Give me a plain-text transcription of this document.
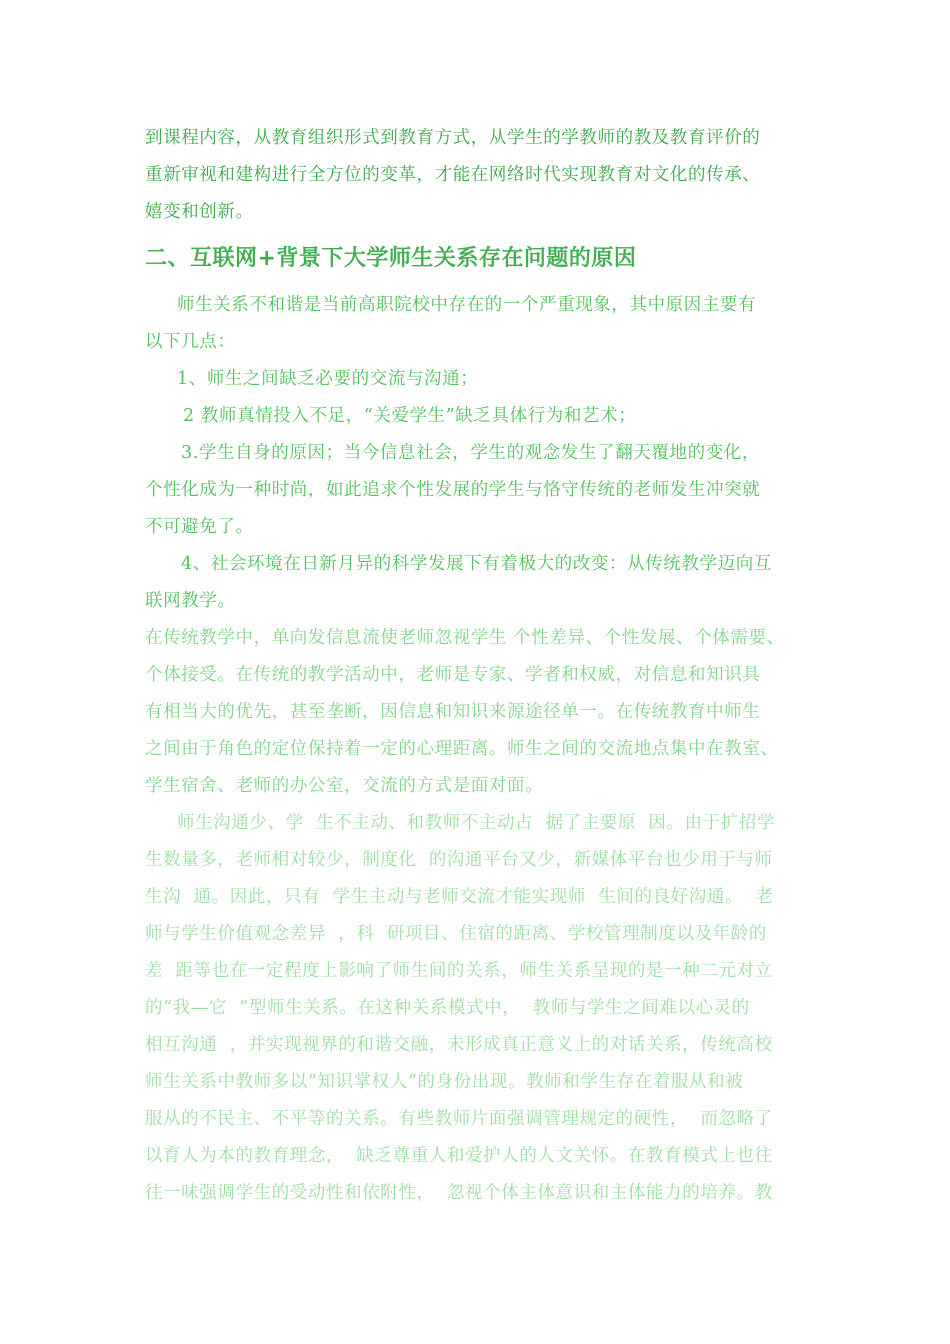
到课程内容，从教育组织形式到教育方式，从学生的学教师的教及教育评价的
重新审视和建构进行全方位的变革，才能在网络时代实现教育对文化的传承、
嬉变和创新。
二、互联网+背景下大学师生关系存在问题的原因
师生关系不和谐是当前高职院校中存在的一个严重现象，其中原因主要有
以下几点：
1、师生之间缺乏必要的交流与沟通；
2 教师真情投入不足，“关爱学生”缺乏具体行为和艺术；
3.学生自身的原因；当今信息社会，学生的观念发生了翻天覆地的变化，
个性化成为一种时尚，如此追求个性发展的学生与恪守传统的老师发生冲突就
不可避免了。
4、社会环境在日新月异的科学发展下有着极大的改变：从传统教学迈向互
联网教学。
在传统教学中，单向发信息流使老师忽视学生 个性差异、个性发展、个体需要、
个体接受。在传统的教学活动中，老师是专家、学者和权威，对信息和知识具
有相当大的优先，甚至垄断，因信息和知识来源途径单一。在传统教育中师生
之间由于角色的定位保持着一定的心理距离。师生之间的交流地点集中在教室、
学生宿舍、老师的办公室，交流的方式是面对面。
师生沟通少、学  生不主动、和教师不主动占  据了主要原  因。由于扩招学
生数量多，老师相对较少，制度化  的沟通平台又少，新媒体平台也少用于与师
生沟  通。因此，只有  学生主动与老师交流才能实现师  生间的良好沟通。  老
师与学生价值观念差异  ，科  研项目、住宿的距离、学校管理制度以及年龄的
差  距等也在一定程度上影响了师生间的关系，师生关系呈现的是一种二元对立
的“我—它  ”型师生关系。在这种关系模式中，  教师与学生之间难以心灵的
相互沟通  ，并实现视界的和谐交融，未形成真正意义上的对话关系，传统高校
师生关系中教师多以“知识掌权人”的身份出现。教师和学生存在着服从和被
服从的不民主、不平等的关系。有些教师片面强调管理规定的硬性，  而忽略了
以育人为本的教育理念，  缺乏尊重人和爱护人的人文关怀。在教育模式上也往
往一味强调学生的受动性和依附性，  忽视个体主体意识和主体能力的培养。教
